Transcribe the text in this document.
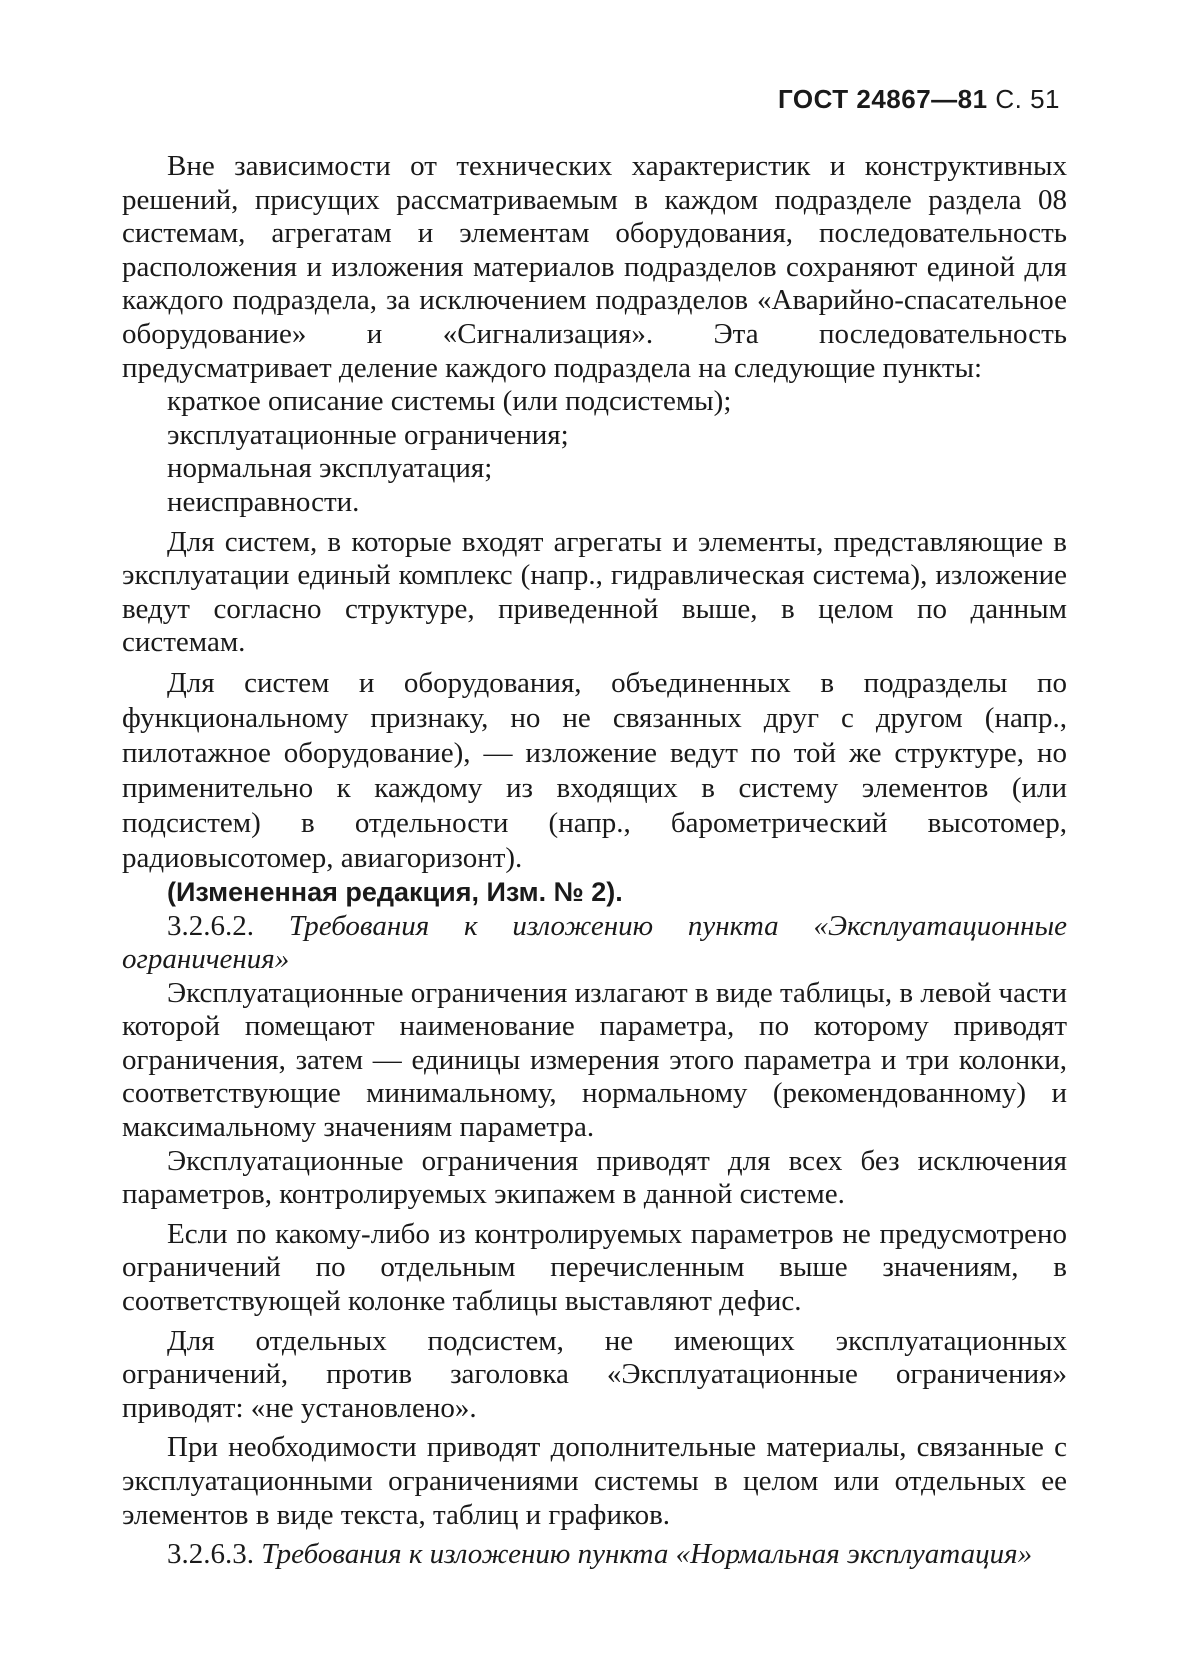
ГОСТ 24867—81 С. 51

Вне зависимости от технических характеристик и конструктивных решений, присущих рассматриваемым в каждом подразделе раздела 08 системам, агрегатам и элементам оборудования, последовательность расположения и изложения материалов подразделов сохраняют единой для каждого подраздела, за исключением подразделов «Аварийно-спасательное оборудование» и «Сигнализация». Эта последовательность предусматривает деление каждого подраздела на следующие пункты:

краткое описание системы (или подсистемы);

эксплуатационные ограничения;

нормальная эксплуатация;

неисправности.

Для систем, в которые входят агрегаты и элементы, представляющие в эксплуатации единый комплекс (напр., гидравлическая система), изложение ведут согласно структуре, приведенной выше, в целом по данным системам.

Для систем и оборудования, объединенных в подразделы по функциональному признаку, но не связанных друг с другом (напр., пилотажное оборудование), — изложение ведут по той же структуре, но применительно к каждому из входящих в систему элементов (или подсистем) в отдельности (напр., барометрический высотомер, радиовысотомер, авиагоризонт).

(Измененная редакция, Изм. № 2).

3.2.6.2. Требования к изложению пункта «Эксплуатационные ограничения»

Эксплуатационные ограничения излагают в виде таблицы, в левой части которой помещают наименование параметра, по которому приводят ограничения, затем — единицы измерения этого параметра и три колонки, соответствующие минимальному, нормальному (рекомендованному) и максимальному значениям параметра.

Эксплуатационные ограничения приводят для всех без исключения параметров, контролируемых экипажем в данной системе.

Если по какому-либо из контролируемых параметров не предусмотрено ограничений по отдельным перечисленным выше значениям, в соответствующей колонке таблицы выставляют дефис.

Для отдельных подсистем, не имеющих эксплуатационных ограничений, против заголовка «Эксплуатационные ограничения» приводят: «не установлено».

При необходимости приводят дополнительные материалы, связанные с эксплуатационными ограничениями системы в целом или отдельных ее элементов в виде текста, таблиц и графиков.

3.2.6.3. Требования к изложению пункта «Нормальная эксплуатация»
